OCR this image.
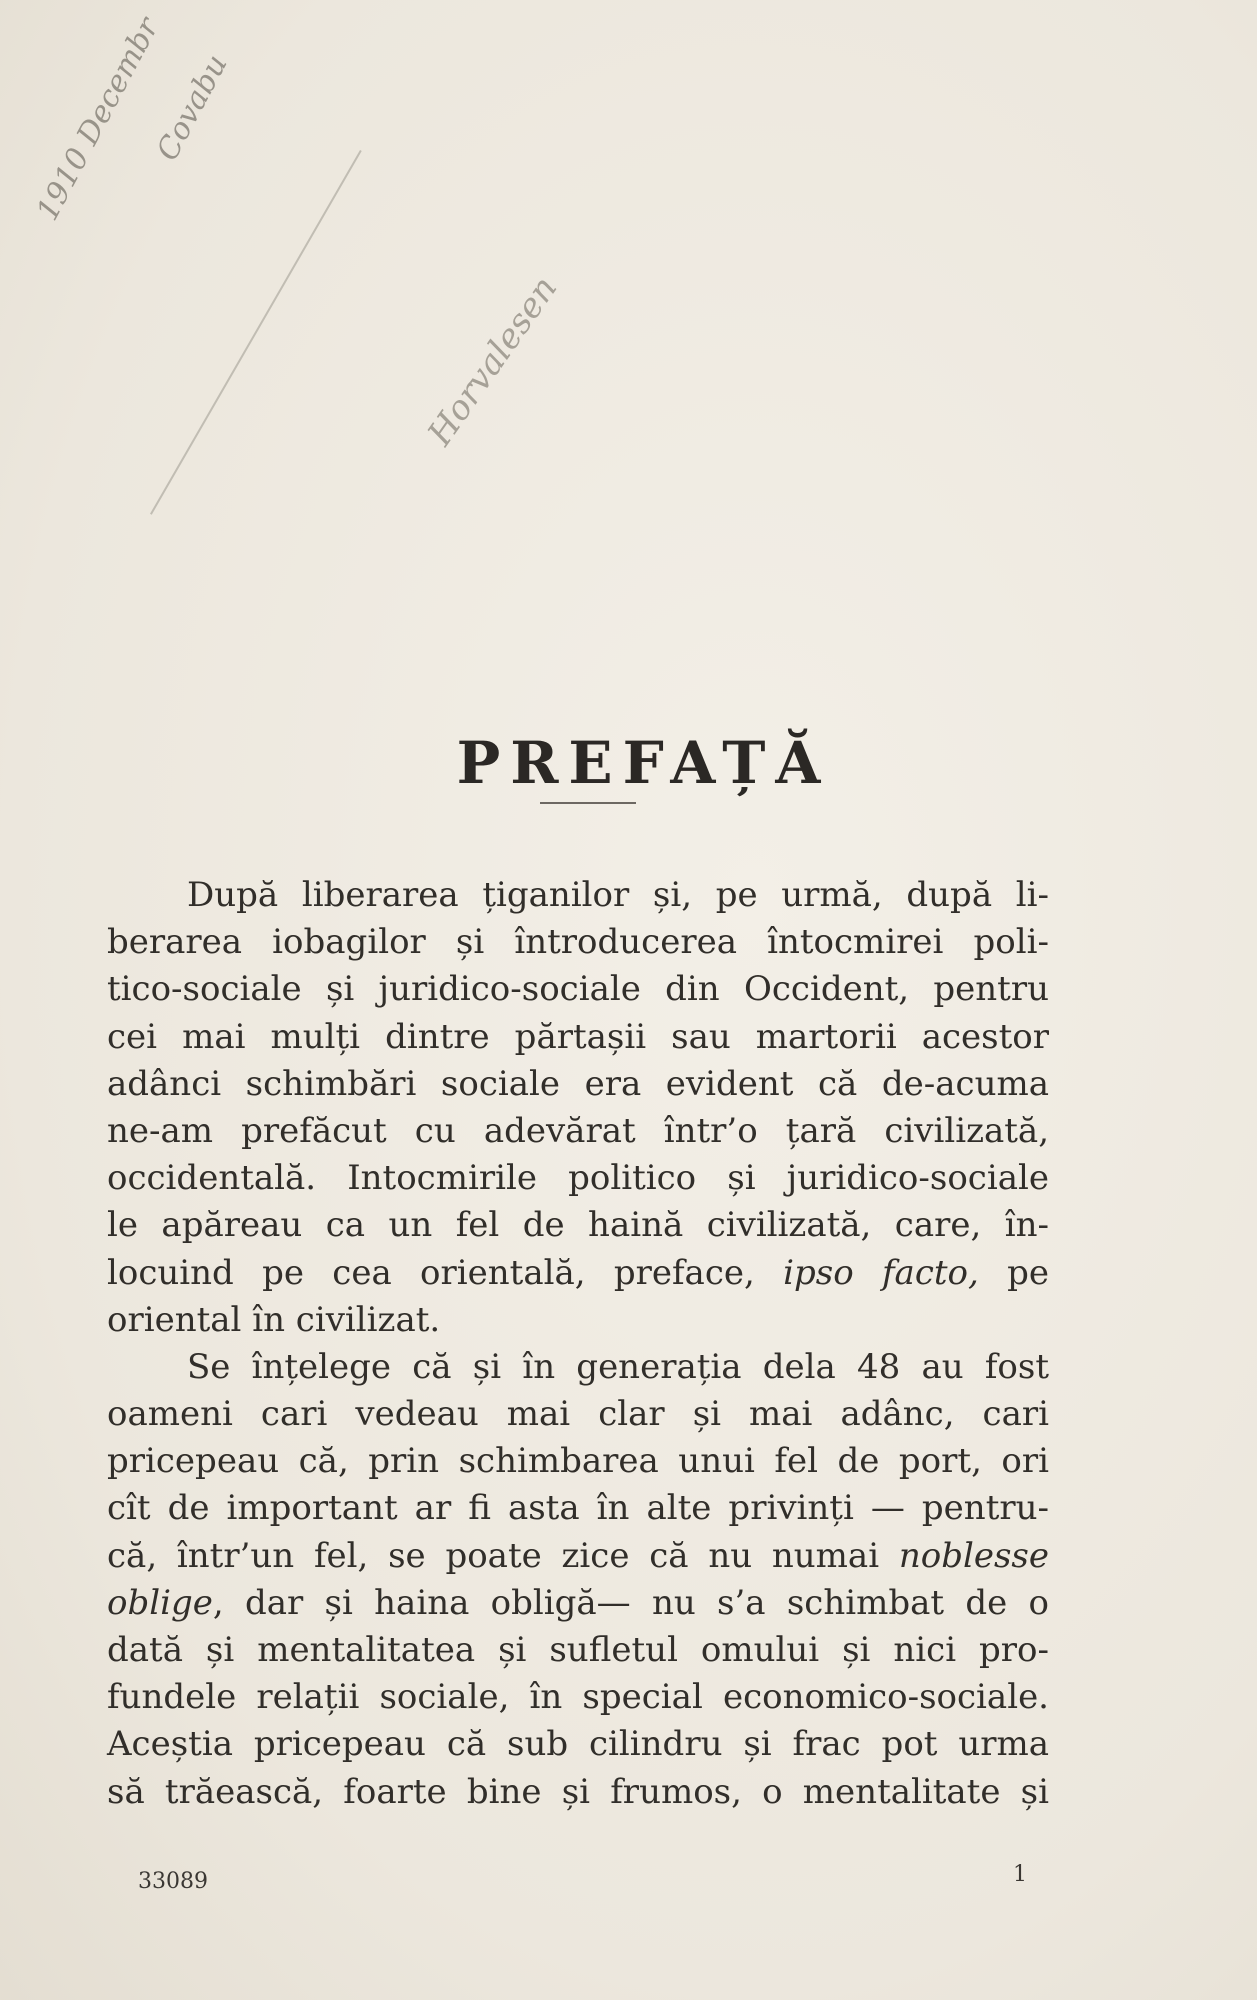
1910 Decembr
Covabu
Horvalesen
PREFAȚĂ
După liberarea țiganilor și, pe urmă, după li-
berarea iobagilor și întroducerea întocmirei poli-
tico-sociale și juridico-sociale din Occident, pentru
cei mai mulți dintre părtașii sau martorii acestor
adânci schimbări sociale era evident că de-acuma
ne-am prefăcut cu adevărat într’o țară civilizată,
occidentală. Intocmirile politico și juridico-sociale
le apăreau ca un fel de haină civilizată, care, în-
locuind pe cea orientală, preface, ipso facto, pe
oriental în civilizat.
Se înțelege că și în generația dela 48 au fost
oameni cari vedeau mai clar și mai adânc, cari
pricepeau că, prin schimbarea unui fel de port, ori
cît de important ar fi asta în alte privinți — pentru-
că, într’un fel, se poate zice că nu numai noblesse
oblige, dar și haina obligă— nu s’a schimbat de o
dată și mentalitatea și sufletul omului și nici pro-
fundele relații sociale, în special economico-sociale.
Aceștia pricepeau că sub cilindru și frac pot urma
să trăească, foarte bine și frumos, o mentalitate și
33089	1
